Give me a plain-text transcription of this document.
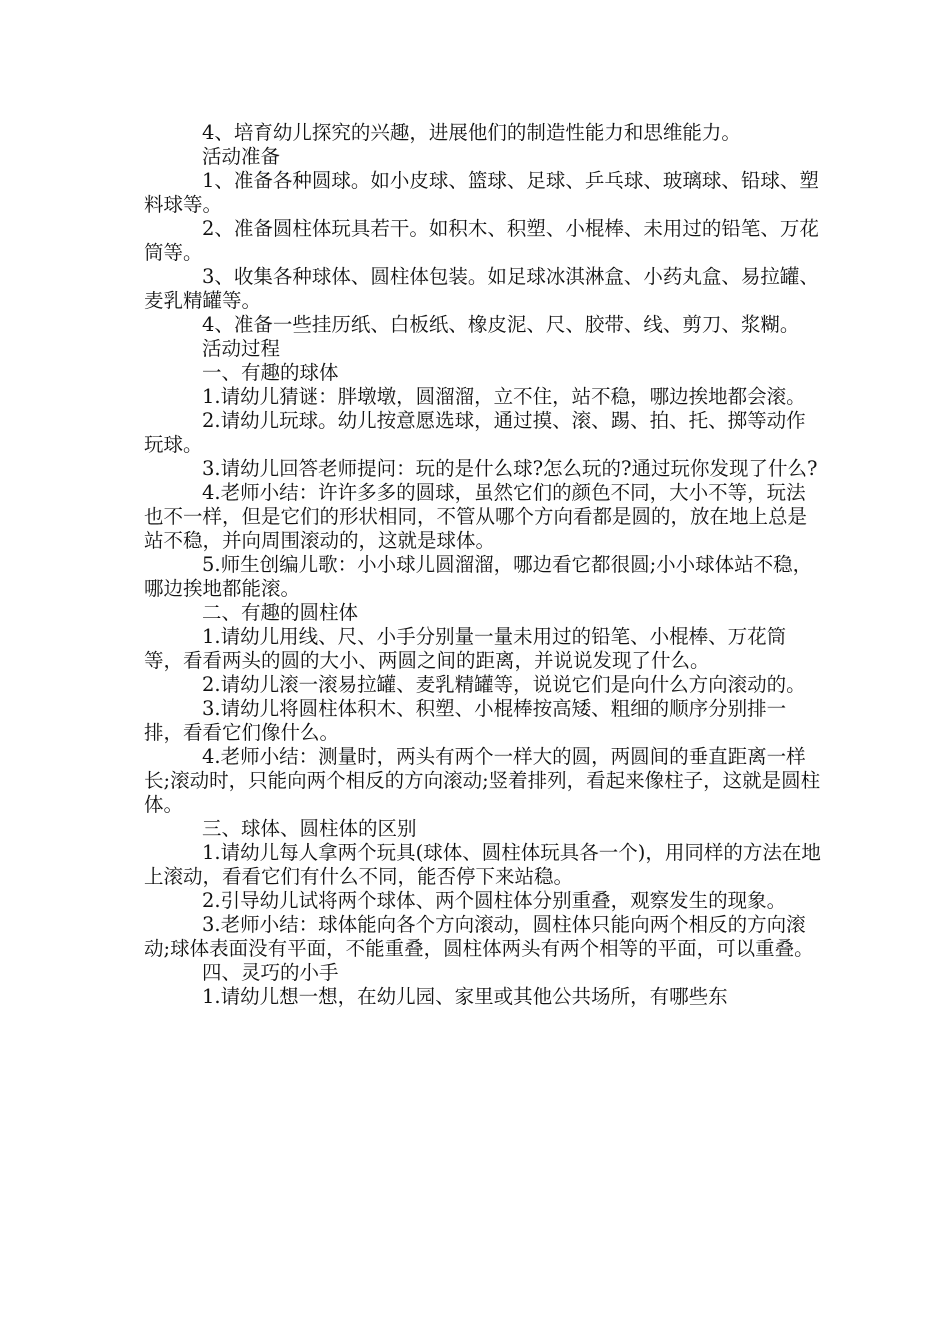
4、培育幼儿探究的兴趣，进展他们的制造性能力和思维能力。

活动准备

1、准备各种圆球。如小皮球、篮球、足球、乒乓球、玻璃球、铅球、塑料球等。

2、准备圆柱体玩具若干。如积木、积塑、小棍棒、未用过的铅笔、万花筒等。

3、收集各种球体、圆柱体包装。如足球冰淇淋盒、小药丸盒、易拉罐、麦乳精罐等。

4、准备一些挂历纸、白板纸、橡皮泥、尺、胶带、线、剪刀、浆糊。

活动过程

一、有趣的球体

1.请幼儿猜谜：胖墩墩，圆溜溜，立不住，站不稳，哪边挨地都会滚。

2.请幼儿玩球。幼儿按意愿选球，通过摸、滚、踢、拍、托、掷等动作玩球。

3.请幼儿回答老师提问：玩的是什么球?怎么玩的?通过玩你发现了什么?

4.老师小结：许许多多的圆球，虽然它们的颜色不同，大小不等，玩法也不一样，但是它们的形状相同，不管从哪个方向看都是圆的，放在地上总是站不稳，并向周围滚动的，这就是球体。

5.师生创编儿歌：小小球儿圆溜溜，哪边看它都很圆;小小球体站不稳，哪边挨地都能滚。

二、有趣的圆柱体

1.请幼儿用线、尺、小手分别量一量未用过的铅笔、小棍棒、万花筒等，看看两头的圆的大小、两圆之间的距离，并说说发现了什么。

2.请幼儿滚一滚易拉罐、麦乳精罐等，说说它们是向什么方向滚动的。

3.请幼儿将圆柱体积木、积塑、小棍棒按高矮、粗细的顺序分别排一排，看看它们像什么。

4.老师小结：测量时，两头有两个一样大的圆，两圆间的垂直距离一样长;滚动时，只能向两个相反的方向滚动;竖着排列，看起来像柱子，这就是圆柱体。

三、球体、圆柱体的区别

1.请幼儿每人拿两个玩具(球体、圆柱体玩具各一个)，用同样的方法在地上滚动，看看它们有什么不同，能否停下来站稳。

2.引导幼儿试将两个球体、两个圆柱体分别重叠，观察发生的现象。

3.老师小结：球体能向各个方向滚动，圆柱体只能向两个相反的方向滚动;球体表面没有平面，不能重叠，圆柱体两头有两个相等的平面，可以重叠。

四、灵巧的小手

1.请幼儿想一想，在幼儿园、家里或其他公共场所，有哪些东
